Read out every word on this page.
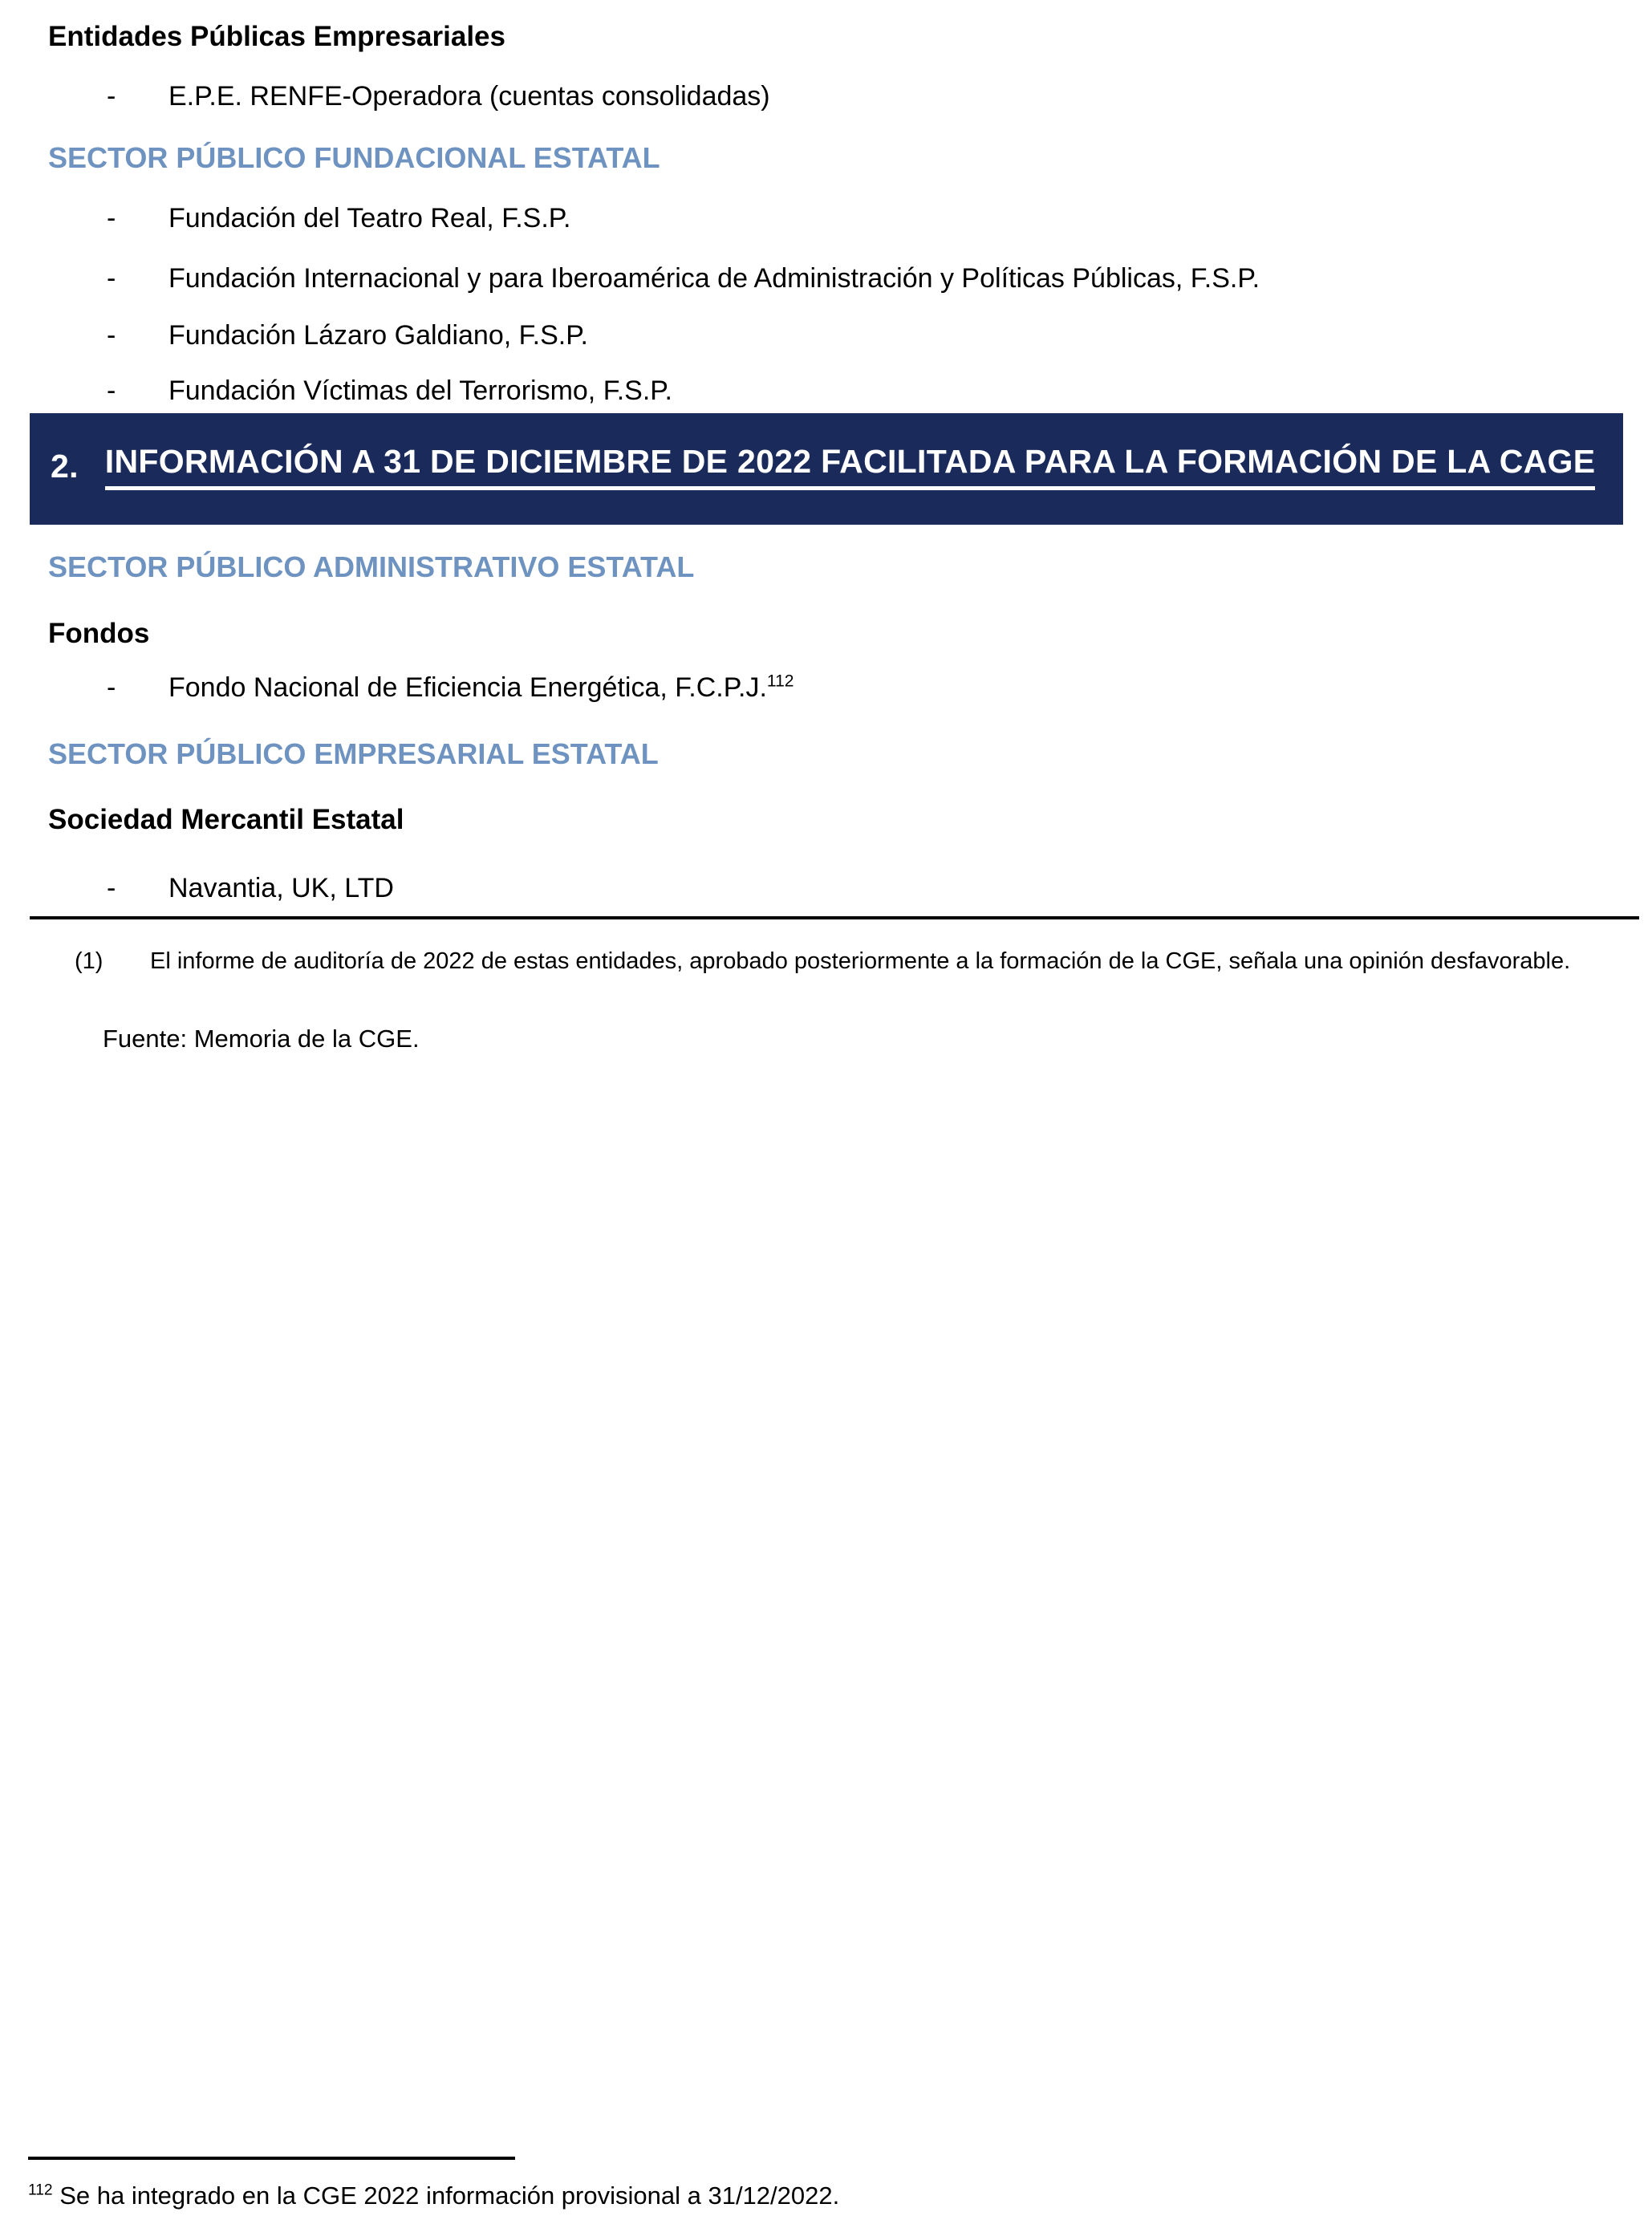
Entidades Públicas Empresariales
-	E.P.E. RENFE-Operadora (cuentas consolidadas)
SECTOR PÚBLICO FUNDACIONAL ESTATAL
-	Fundación del Teatro Real, F.S.P.
-	Fundación Internacional y para Iberoamérica de Administración y Políticas Públicas, F.S.P.
-	Fundación Lázaro Galdiano, F.S.P.
-	Fundación Víctimas del Terrorismo, F.S.P.
2. INFORMACIÓN A 31 DE DICIEMBRE DE 2022 FACILITADA PARA LA FORMACIÓN DE LA CAGE
SECTOR PÚBLICO ADMINISTRATIVO ESTATAL
Fondos
-	Fondo Nacional de Eficiencia Energética, F.C.P.J.$^{112}$
SECTOR PÚBLICO EMPRESARIAL ESTATAL
Sociedad Mercantil Estatal
-	Navantia, UK, LTD
(1)	El informe de auditoría de 2022 de estas entidades, aprobado posteriormente a la formación de la CGE, señala una opinión desfavorable.

Fuente: Memoria de la CGE.

$^{112}$ Se ha integrado en la CGE 2022 información provisional a 31/12/2022.
